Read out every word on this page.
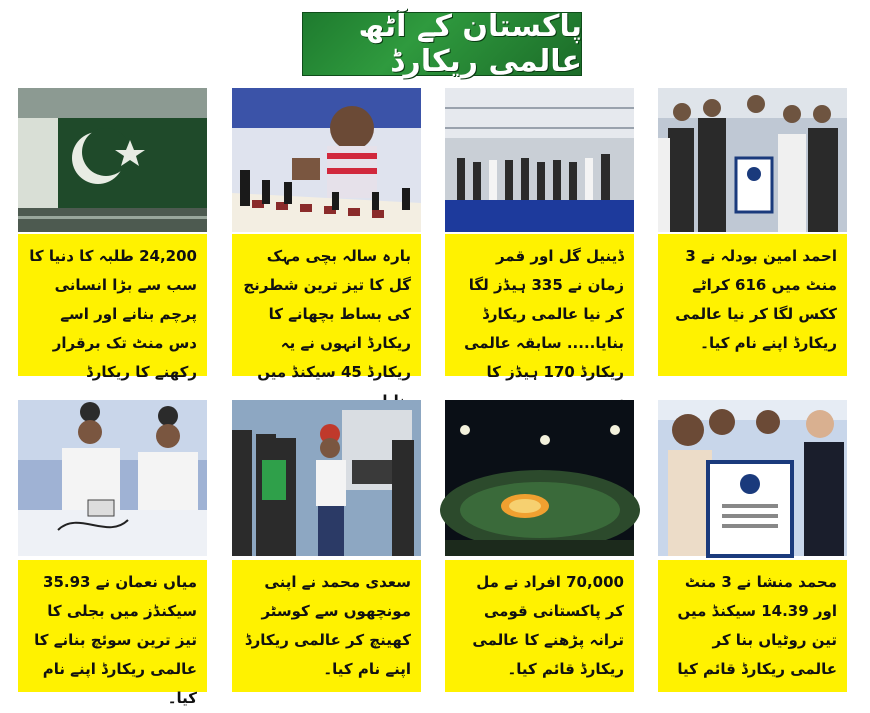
پاکستان کے آٹھ عالمی ریکارڈ
24,200 طلبہ کا دنیا کا سب سے بڑا انسانی پرچم بنانے اور اسے دس منٹ تک برقرار رکھنے کا ریکارڈ
بارہ سالہ بچی مہک گل کا تیز ترین شطرنج کی بساط بچھانے کا ریکارڈ انہوں نے یہ ریکارڈ 45 سیکنڈ میں
ڈینیل گل اور قمر زمان نے 335 ہیڈز لگا کر نیا عالمی ریکارڈ بنایا..... سابقہ عالمی ریکارڈ 170 ہیڈز کا
احمد امین بودلہ نے 3 منٹ میں 616 کراٹے ککس لگا کر نیا عالمی ریکارڈ اپنے نام کیا۔
میاں نعمان نے 35.93 سیکنڈز میں بجلی کا تیز ترین سوئچ بنانے کا عالمی ریکارڈ اپنے نام کیا۔
سعدی محمد نے اپنی مونچھوں سے کوسٹر کھینچ کر عالمی ریکارڈ اپنے نام کیا۔
70,000 افراد نے مل کر پاکستانی قومی ترانہ پڑھنے کا عالمی ریکارڈ قائم کیا۔
محمد منشا نے 3 منٹ اور 14.39 سیکنڈ میں تین روٹیاں بنا کر عالمی ریکارڈ قائم کیا
